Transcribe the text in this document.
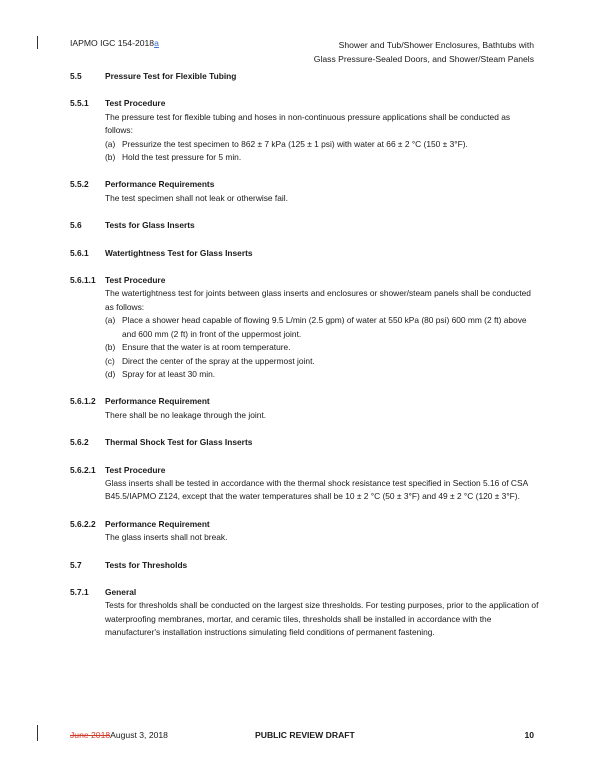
IAPMO IGC 154-2018a	Shower and Tub/Shower Enclosures, Bathtubs with
Glass Pressure-Sealed Doors, and Shower/Steam Panels
5.5	Pressure Test for Flexible Tubing
5.5.1	Test Procedure
The pressure test for flexible tubing and hoses in non-continuous pressure applications shall be conducted as follows:
(a) Pressurize the test specimen to 862 ± 7 kPa (125 ± 1 psi) with water at 66 ± 2 °C (150 ± 3°F).
(b) Hold the test pressure for 5 min.
5.5.2	Performance Requirements
The test specimen shall not leak or otherwise fail.
5.6	Tests for Glass Inserts
5.6.1	Watertightness Test for Glass Inserts
5.6.1.1	Test Procedure
The watertightness test for joints between glass inserts and enclosures or shower/steam panels shall be conducted as follows:
(a) Place a shower head capable of flowing 9.5 L/min (2.5 gpm) of water at 550 kPa (80 psi) 600 mm (2 ft) above and 600 mm (2 ft) in front of the uppermost joint.
(b) Ensure that the water is at room temperature.
(c) Direct the center of the spray at the uppermost joint.
(d) Spray for at least 30 min.
5.6.1.2	Performance Requirement
There shall be no leakage through the joint.
5.6.2	Thermal Shock Test for Glass Inserts
5.6.2.1	Test Procedure
Glass inserts shall be tested in accordance with the thermal shock resistance test specified in Section 5.16 of CSA B45.5/IAPMO Z124, except that the water temperatures shall be 10 ± 2 °C (50 ± 3°F) and 49 ± 2 °C (120 ± 3°F).
5.6.2.2	Performance Requirement
The glass inserts shall not break.
5.7	Tests for Thresholds
5.7.1	General
Tests for thresholds shall be conducted on the largest size thresholds. For testing purposes, prior to the application of waterproofing membranes, mortar, and ceramic tiles, thresholds shall be installed in accordance with the manufacturer's installation instructions simulating field conditions of permanent fastening.
June 2018August 3, 2018	PUBLIC REVIEW DRAFT	10
